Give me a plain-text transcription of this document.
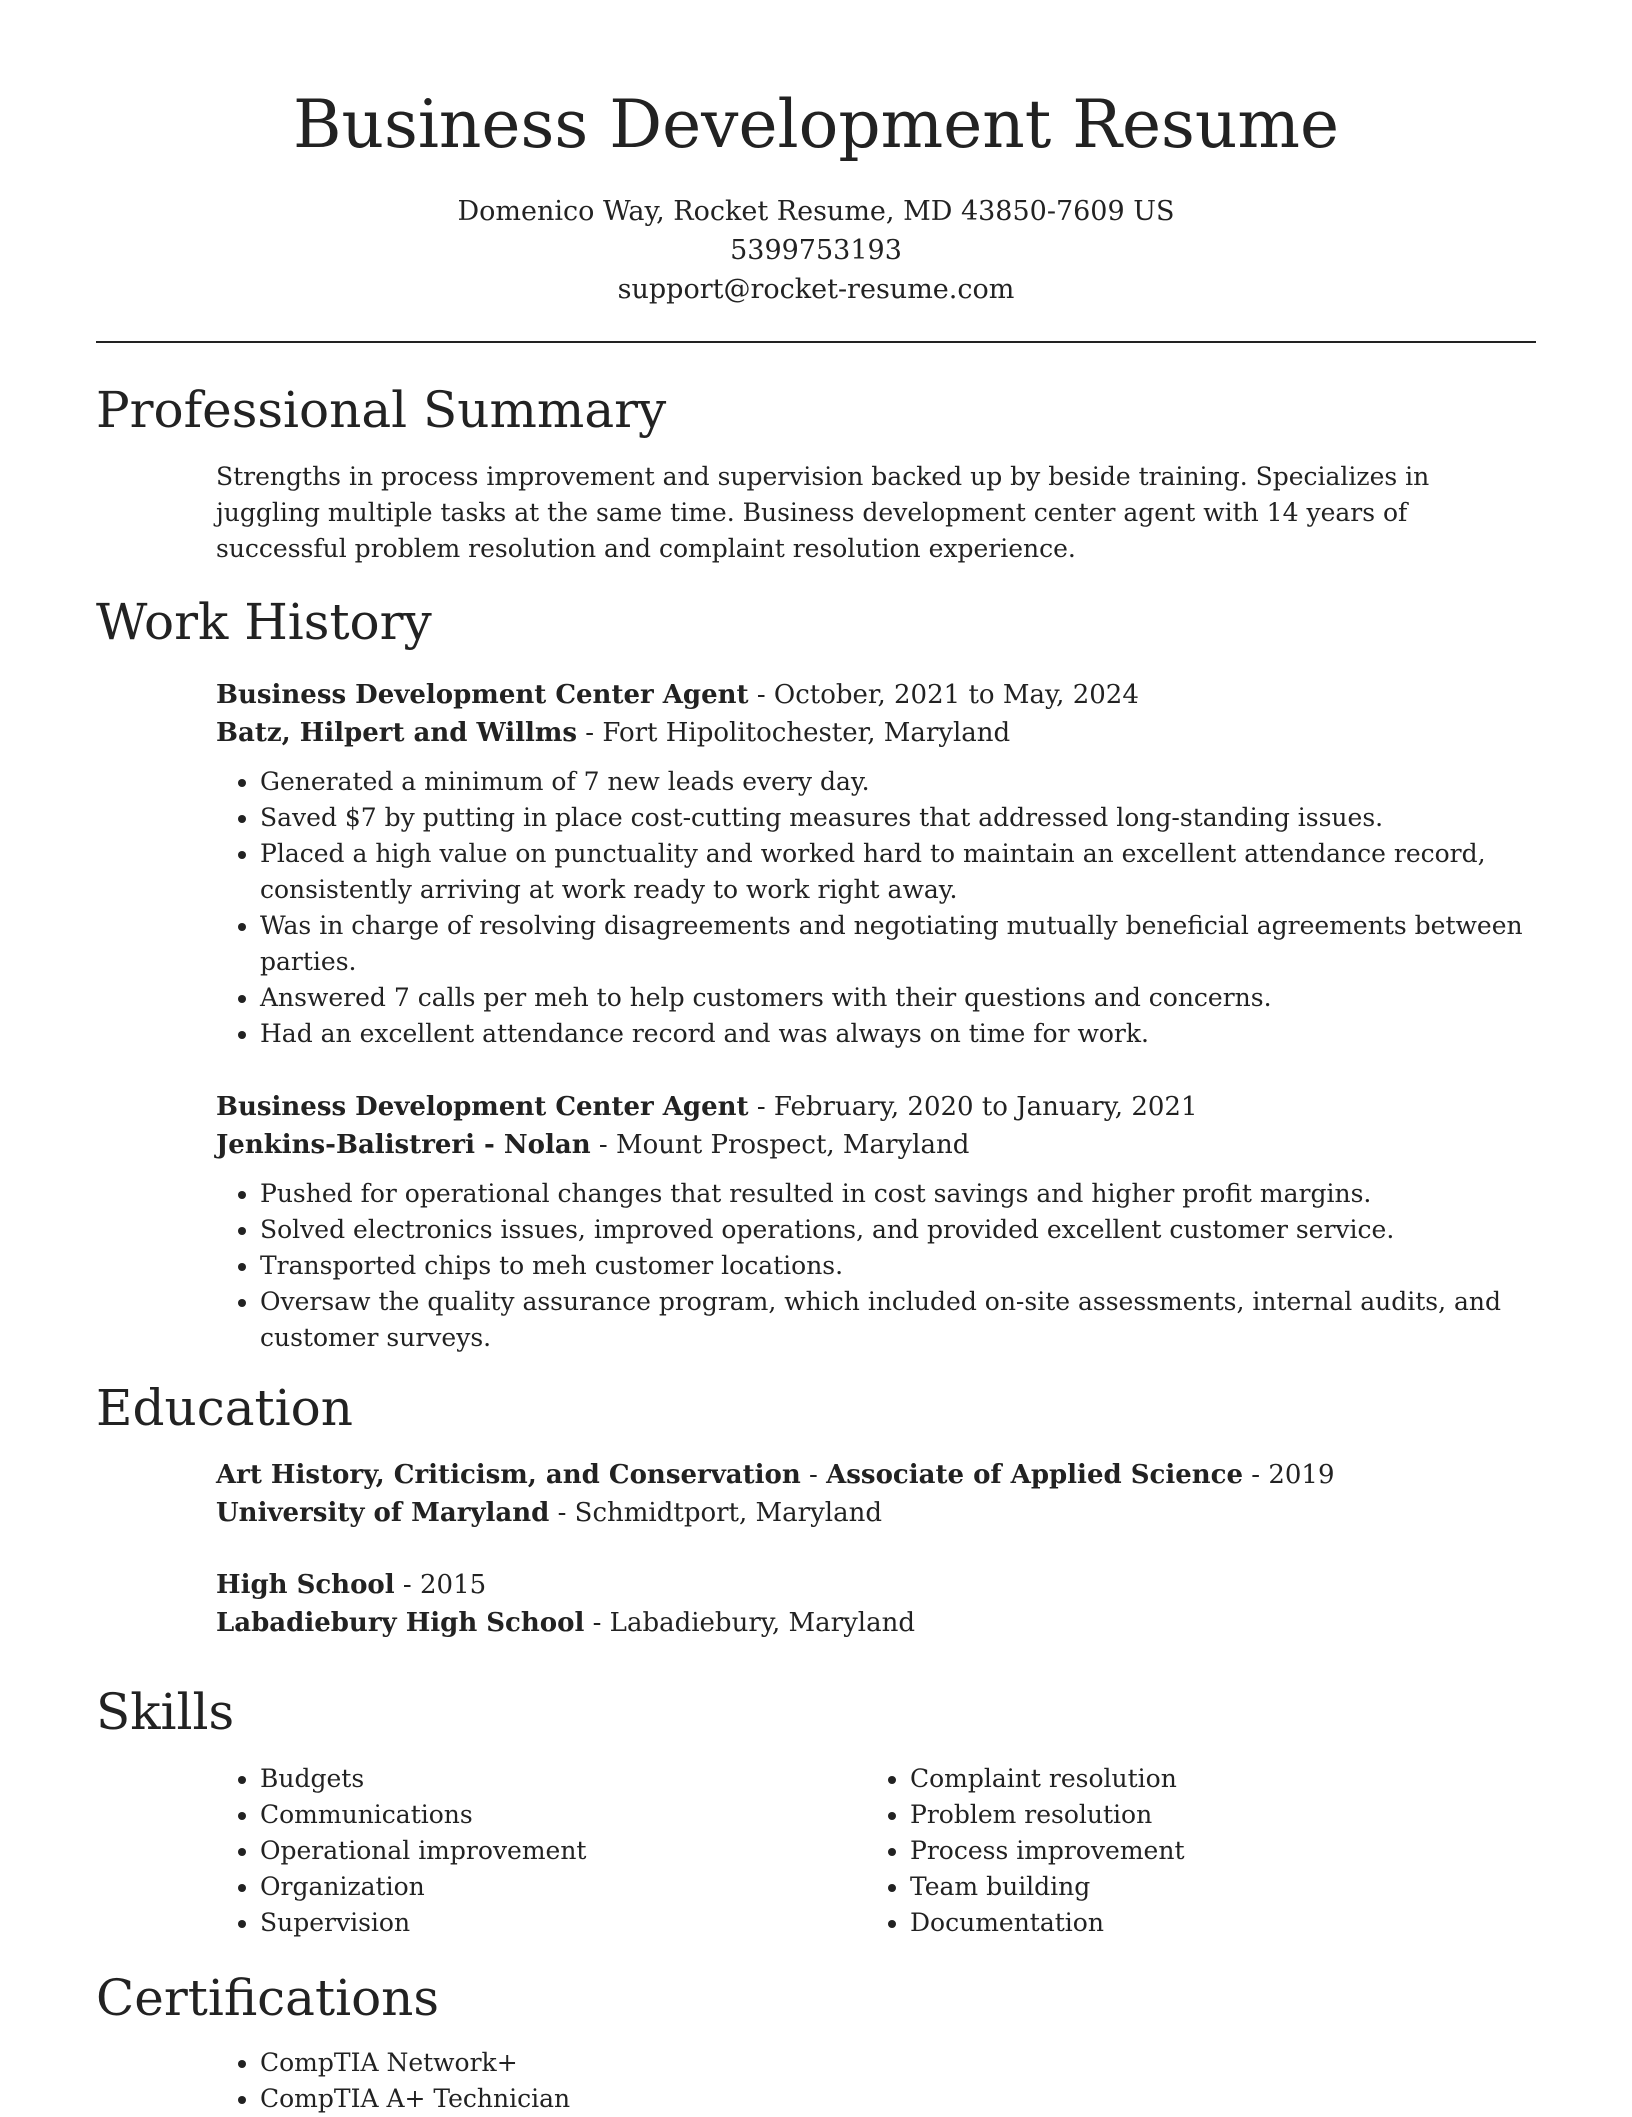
Business Development Resume
Domenico Way, Rocket Resume, MD 43850-7609 US
5399753193
support@rocket-resume.com
Professional Summary

Strengths in process improvement and supervision backed up by beside training. Specializes in juggling multiple tasks at the same time. Business development center agent with 14 years of successful problem resolution and complaint resolution experience.

Work History

Business Development Center Agent - October, 2021 to May, 2024

Batz, Hilpert and Willms - Fort Hipolitochester, Maryland

• Generated a minimum of 7 new leads every day.
• Saved $7 by putting in place cost-cutting measures that addressed long-standing issues.
• Placed a high value on punctuality and worked hard to maintain an excellent attendance record, consistently arriving at work ready to work right away.
• Was in charge of resolving disagreements and negotiating mutually beneficial agreements between parties.
• Answered 7 calls per meh to help customers with their questions and concerns.
• Had an excellent attendance record and was always on time for work.

Business Development Center Agent - February, 2020 to January, 2021

Jenkins-Balistreri - Nolan - Mount Prospect, Maryland

• Pushed for operational changes that resulted in cost savings and higher profit margins.
• Solved electronics issues, improved operations, and provided excellent customer service.
• Transported chips to meh customer locations.
• Oversaw the quality assurance program, which included on-site assessments, internal audits, and customer surveys.
Education

Art History, Criticism, and Conservation - Associate of Applied Science - 2019

University of Maryland - Schmidtport, Maryland

High School - 2015

Labadiebury High School - Labadiebury, Maryland

Skills
• Budgets
• Communications
• Operational improvement
• Organization
• Supervision
• Complaint resolution
• Problem resolution
• Process improvement
• Team building
• Documentation
Certifications
• CompTIA Network+
• CompTIA A+ Technician
